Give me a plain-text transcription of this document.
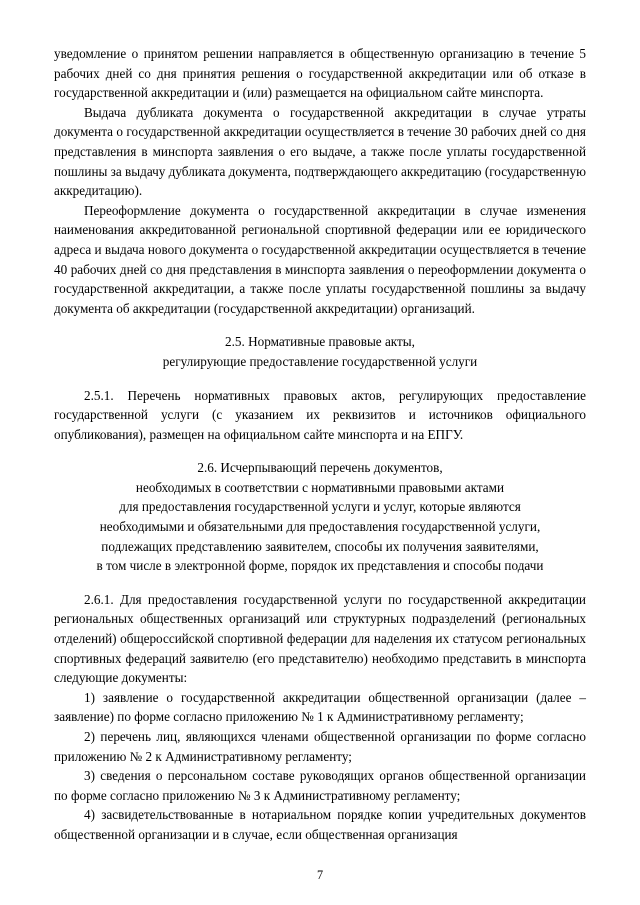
уведомление о принятом решении направляется в общественную организацию в течение 5 рабочих дней со дня принятия решения о государственной аккредитации или об отказе в государственной аккредитации и (или) размещается на официальном сайте минспорта.

Выдача дубликата документа о государственной аккредитации в случае утраты документа о государственной аккредитации осуществляется в течение 30 рабочих дней со дня представления в минспорта заявления о его выдаче, а также после уплаты государственной пошлины за выдачу дубликата документа, подтверждающего аккредитацию (государственную аккредитацию).

Переоформление документа о государственной аккредитации в случае изменения наименования аккредитованной региональной спортивной федерации или ее юридического адреса и выдача нового документа о государственной аккредитации осуществляется в течение 40 рабочих дней со дня представления в минспорта заявления о переоформлении документа о государственной аккредитации, а также после уплаты государственной пошлины за выдачу документа об аккредитации (государственной аккредитации) организаций.

2.5. Нормативные правовые акты,

регулирующие предоставление государственной услуги

2.5.1. Перечень нормативных правовых актов, регулирующих предоставление государственной услуги (с указанием их реквизитов и источников официального опубликования), размещен на официальном сайте минспорта и на ЕПГУ.

2.6. Исчерпывающий перечень документов,

необходимых в соответствии с нормативными правовыми актами

для предоставления государственной услуги и услуг, которые являются

необходимыми и обязательными для предоставления государственной услуги,

подлежащих представлению заявителем, способы их получения заявителями,

в том числе в электронной форме, порядок их представления и способы подачи

2.6.1. Для предоставления государственной услуги по государственной аккредитации региональных общественных организаций или структурных подразделений (региональных отделений) общероссийской спортивной федерации для наделения их статусом региональных спортивных федераций заявителю (его представителю) необходимо представить в минспорта следующие документы:

1) заявление о государственной аккредитации общественной организации (далее – заявление) по форме согласно приложению № 1 к Административному регламенту;

2) перечень лиц, являющихся членами общественной организации по форме согласно приложению № 2 к Административному регламенту;

3) сведения о персональном составе руководящих органов общественной организации по форме согласно приложению № 3 к Административному регламенту;

4) засвидетельствованные в нотариальном порядке копии учредительных документов общественной организации и в случае, если общественная организация

7
